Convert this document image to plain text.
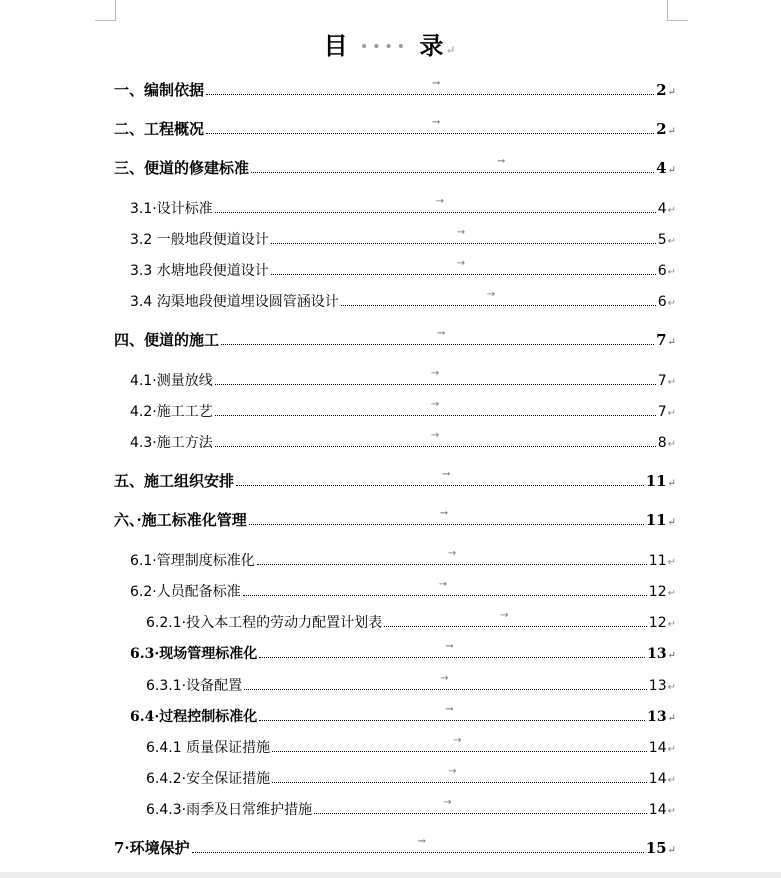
目 •••• 录↵
一、编制依据	→	2 ↵
二、工程概况	→	2 ↵
三、便道的修建标准	→	4 ↵
3.1·设计标准	→	4 ↵
3.2 一般地段便道设计	→	5 ↵
3.3 水塘地段便道设计	→	6 ↵
3.4 沟渠地段便道埋设圆管涵设计	→	6 ↵
四、便道的施工	→	7 ↵
4.1·测量放线	→	7 ↵
4.2·施工工艺	→	7 ↵
4.3·施工方法	→	8 ↵
五、施工组织安排	→	11 ↵
六、·施工标准化管理	→	11 ↵
6.1·管理制度标准化	→	11 ↵
6.2·人员配备标准	→	12 ↵
6.2.1·投入本工程的劳动力配置计划表	→	12 ↵
6.3·现场管理标准化	→	13 ↵
6.3.1·设备配置	→	13 ↵
6.4·过程控制标准化	→	13 ↵
6.4.1 质量保证措施	→	14 ↵
6.4.2·安全保证措施	→	14 ↵
6.4.3·雨季及日常维护措施	→	14 ↵
7·环境保护	→	15 ↵
